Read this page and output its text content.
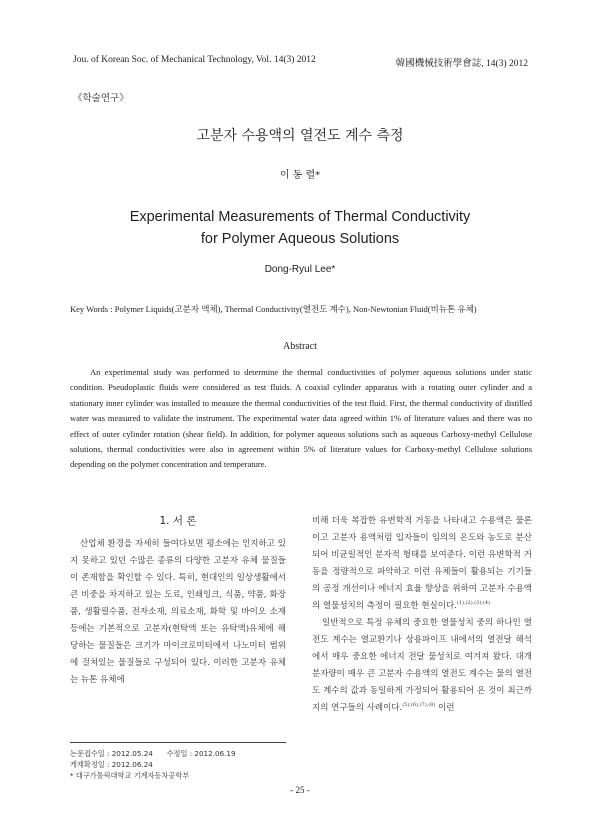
Jou. of Korean Soc. of Mechanical Technology, Vol. 14(3) 2012	韓國機械技術學會誌, 14(3) 2012
《학술연구》
고분자 수용액의 열전도 계수 측정
이 동 렬*
Experimental Measurements of Thermal Conductivity
for Polymer Aqueous Solutions
Dong-Ryul Lee*
Key Words : Polymer Liquids(고분자 액체), Thermal Conductivity(열전도 계수), Non-Newtonian Fluid(비뉴톤 유체)
Abstract

An experimental study was performed to determine the thermal conductivities of polymer aqueous solutions under static condition. Pseudoplastic fluids were considered as test fluids. A coaxial cylinder apparatus with a rotating outer cylinder and a stationary inner cylinder was installed to measure the thermal conductivities of the test fluid. First, the thermal conductivity of distilled water was measured to validate the instrument. The experimental water data agreed within 1% of literature values and there was no effect of outer cylinder rotation (shear field). In addition, for polymer aqueous solutions such as aqueous Carboxy-methyl Cellulose solutions, thermal conductivities were also in agreement within 5% of literature values for Carboxy-methyl Cellulose solutions depending on the polymer concentration and temperature.

1. 서 론

산업체 환경을 자세히 들여다보면 평소에는 인지하고 있지 못하고 있던 수많은 종류의 다양한 고분자 유체 물질들이 존재함을 확인할 수 있다. 특히, 현대인의 일상생활에서 큰 비중을 차지하고 있는 도료, 인쇄잉크, 식품, 약품, 화장품, 생활필수품, 전자소재, 의료소재, 화학 및 바이오 소재 등에는 기본적으로 고분자(현탁액 또는 유탁액)유체에 해당하는 물질들은 크기가 마이크로미터에서 나노미터 범위에 걸쳐있는 물질들로 구성되어 있다. 이러한 고분자 유체는 뉴톤 유체에

비해 더욱 복잡한 유변학적 거동을 나타내고 수용액은 물론이고 고분자 용액처럼 입자들이 임의의 온도와 농도로 분산되어 비균일적인 분자적 형태를 보여준다. 이런 유변학적 거동을 정량적으로 파악하고 이런 유체들이 활용되는 기기들의 공정 개선이나 에너지 효율 향상을 위하여 고분자 수용액의 열물성치의 측정이 필요한 현실이다.$^{(1),(2),(3),(4)}$

일반적으로 특정 유체의 중요한 열물성치 중의 하나인 열전도 계수는 열교환기나 상용파이프 내에서의 열전달 해석에서 매우 중요한 에너지 전달 물성치로 여겨져 왔다. 대개 분자량이 매우 큰 고분자 수용액의 열전도 계수는 물의 열전도 계수의 값과 동일하게 가정되어 활용되어 온 것이 최근까지의 연구들의 사례이다.$^{(5),(6),(7),(8)}$ 이런

논문접수일 : 2012.05.24 수정일 : 2012.06.19
게재확정일 : 2012.06.24
* 대구가톨릭대학교 기계자동차공학부
- 25 -
